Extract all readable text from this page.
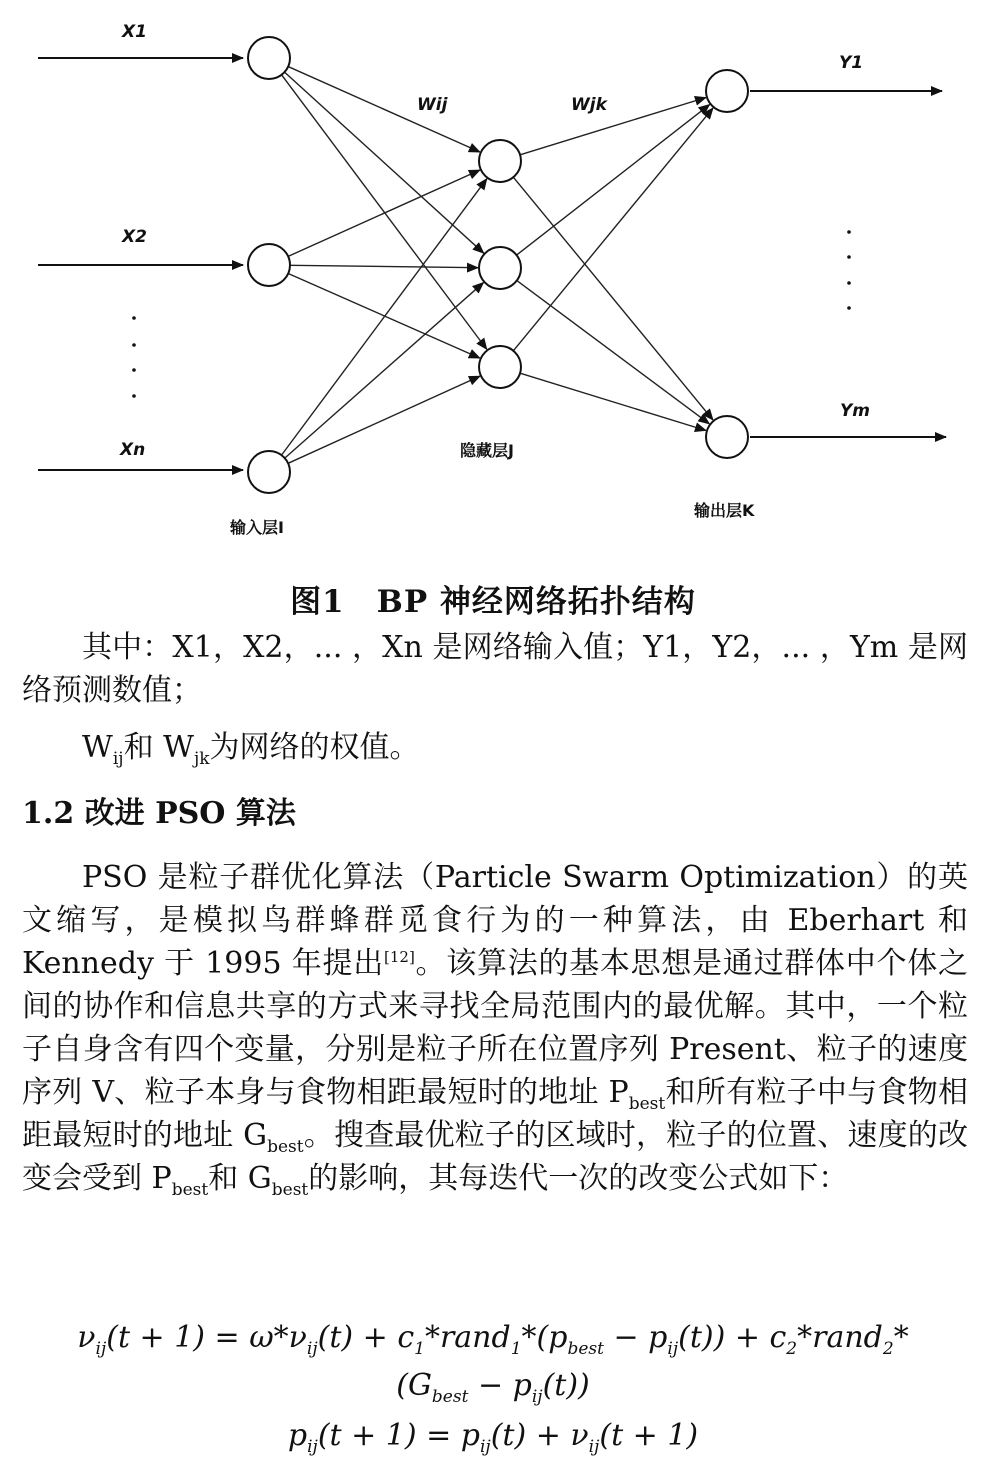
X1
X2
Xn
Y1
Ym
Wij	Wjk
输入层I
隐藏层J
输出层K
图1　BP 神经网络拓扑结构

其中：X1，X2，... ，Xn 是网络输入值；Y1，Y2，... ，Ym 是网络预测数值；

$W_{ij}$和 $W_{jk}$为网络的权值。

1.2 改进 PSO 算法

PSO 是粒子群优化算法（Particle Swarm Optimization）的英文缩写，是模拟鸟群蜂群觅食行为的一种算法，由 Eberhart 和 Kennedy 于 1995 年提出[12]。该算法的基本思想是通过群体中个体之间的协作和信息共享的方式来寻找全局范围内的最优解。其中，一个粒子自身含有四个变量，分别是粒子所在位置序列 Present、粒子的速度序列 V、粒子本身与食物相距最短时的地址 $P_{best}$和所有粒子中与食物相距最短时的地址 $G_{best}$。搜查最优粒子的区域时，粒子的位置、速度的改变会受到 $P_{best}$和 $G_{best}$的影响，其每迭代一次的改变公式如下：

$\nu_{ij}(t + 1) = \omega*\nu_{ij}(t)$ + $c_1*rand_1*(p_{best} - p_{ij}(t))$ + $c_2*rand_2*$
$(G_{best} - p_{ij}(t))$
$p_{ij}(t + 1) = p_{ij}(t) + \nu_{ij}(t + 1)$
